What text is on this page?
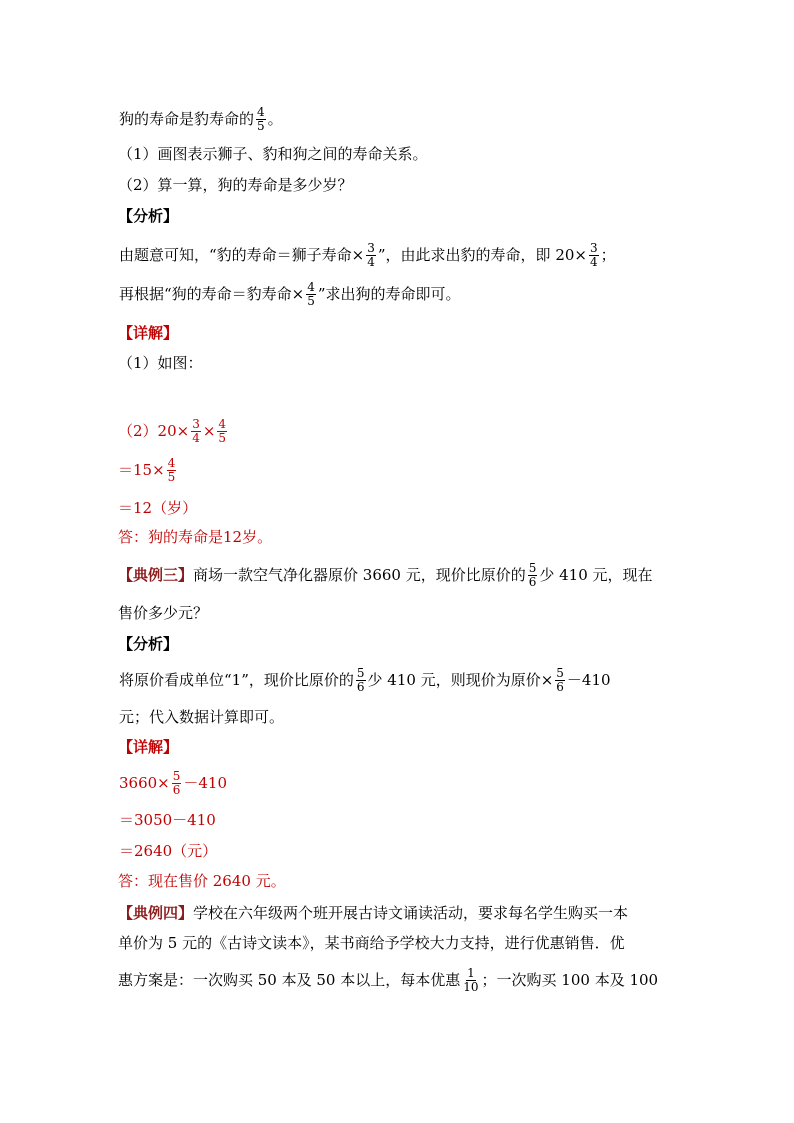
狗的寿命是豹寿命的 $\frac{4}{5}$ 。
（1）画图表示狮子、豹和狗之间的寿命关系。
（2）算一算，狗的寿命是多少岁？
【分析】
由题意可知，“豹的寿命＝狮子寿命× $\frac{3}{4}$ ”，由此求出豹的寿命，即 $20\times \frac{3}{4}$ ；
再根据“狗的寿命＝豹寿命× $\frac{4}{5}$ ”求出狗的寿命即可。
【详解】
（1）如图：
$(2)20\times \frac{3}{4} \times \frac{4}{5}$
$=15\times \frac{4}{5}$
＝12（岁）
答：狗的寿命是 12 岁。
【典例三】 商场一款空气净化器原价 3660 元，现价比原价的 $\frac{5}{6}$ 少 410 元，现在
售价多少元？
【分析】
将原价看成单位“1”，现价比原价的 $\frac{5}{6}$ 少 410 元，则现价为原价× $\frac{5}{6} -410$
元；代入数据计算即可。
【详解】
$3660\times \frac{5}{6} -410$
＝3050－410
＝2640（元）
答：现在售价 2640 元。
【典例四】 学校在六年级两个班开展古诗文诵读活动，要求每名学生购买一本
单价为 5 元的《古诗文读本》，某书商给予学校大力支持，进行优惠销售．优
惠方案是：一次购买 50 本及 50 本以上，每本优惠 $\frac{1}{10}$ ；一次购买 100 本及 100
